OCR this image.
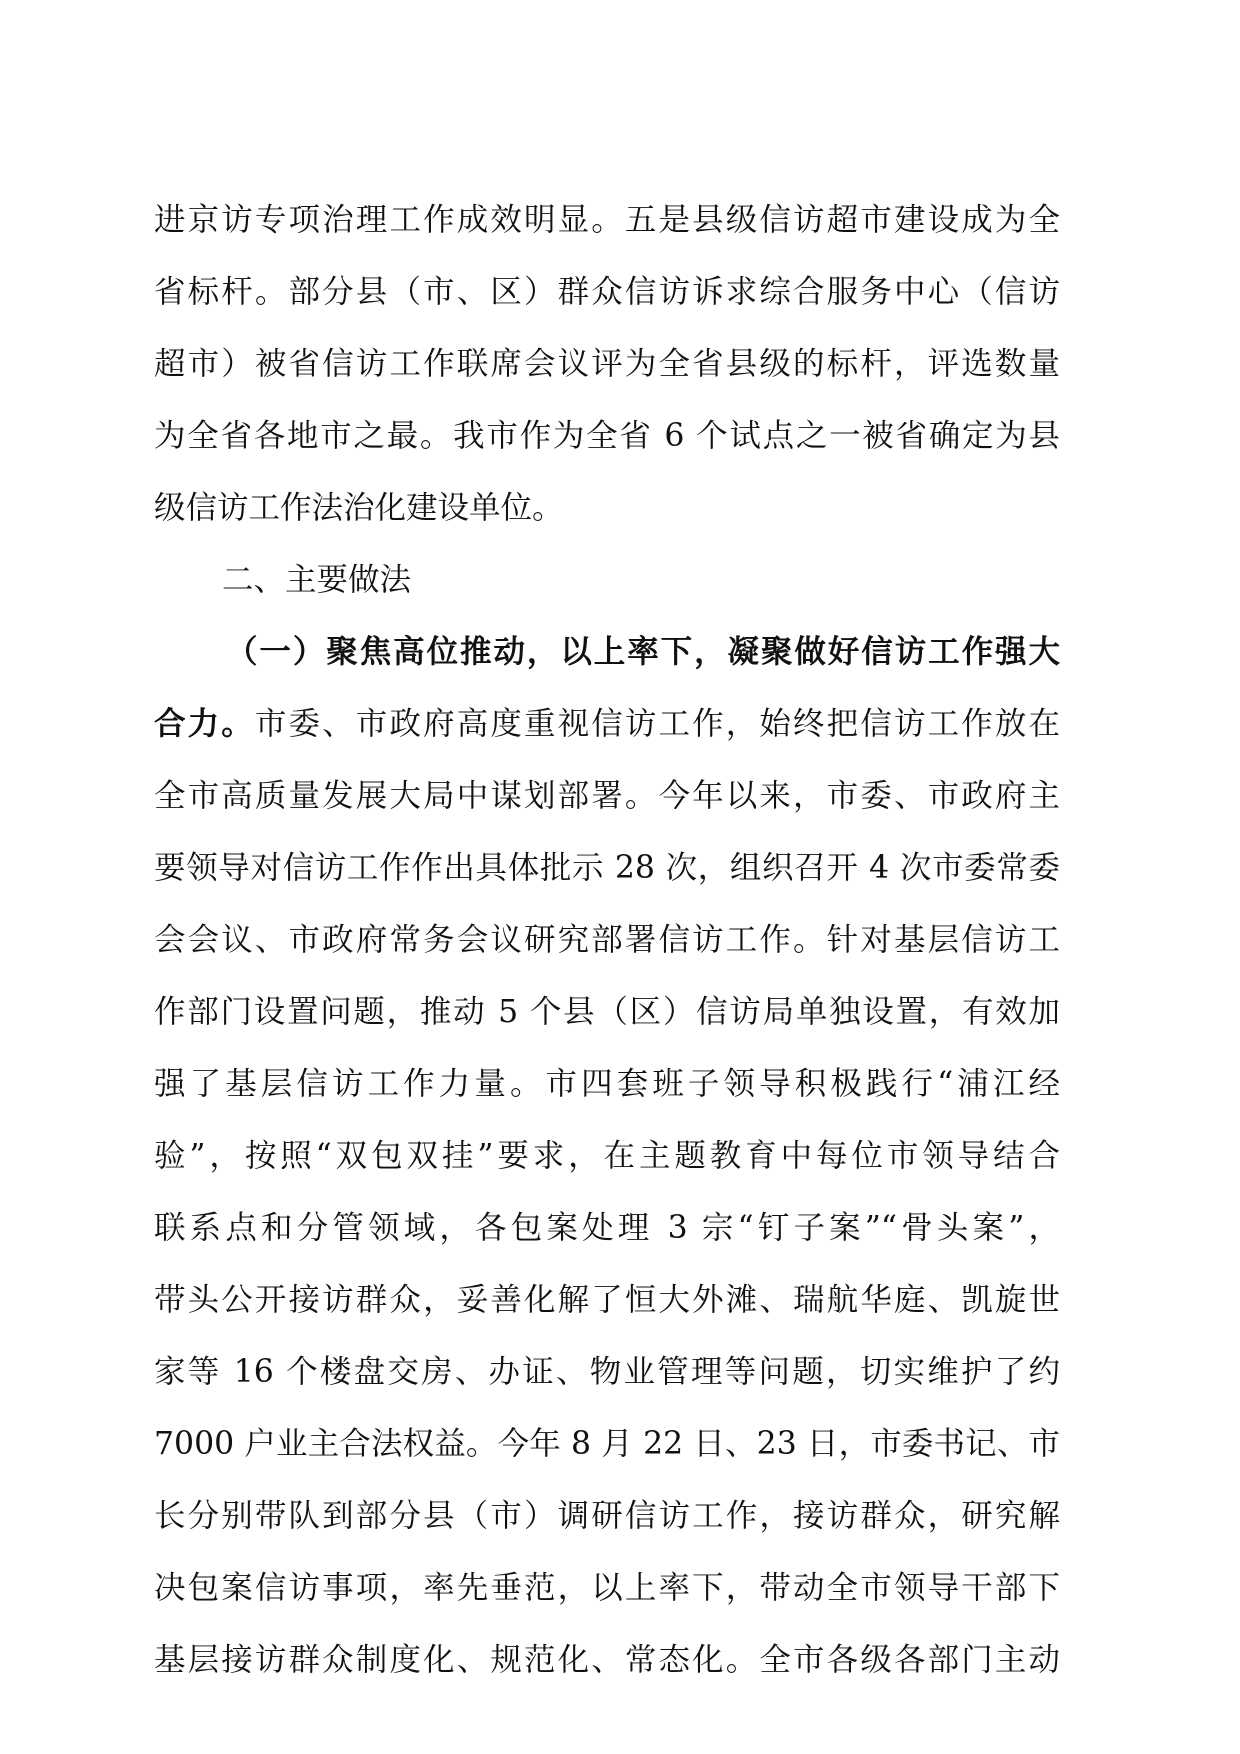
进京访专项治理工作成效明显。五是县级信访超市建设成为全
省标杆。部分县（市、区）群众信访诉求综合服务中心（信访
超市）被省信访工作联席会议评为全省县级的标杆，评选数量
为全省各地市之最。我市作为全省 6 个试点之一被省确定为县
级信访工作法治化建设单位。
二、主要做法
（一）聚焦高位推动，以上率下，凝聚做好信访工作强大
合力。市委、市政府高度重视信访工作，始终把信访工作放在
全市高质量发展大局中谋划部署。今年以来，市委、市政府主
要领导对信访工作作出具体批示 28 次，组织召开 4 次市委常委
会会议、市政府常务会议研究部署信访工作。针对基层信访工
作部门设置问题，推动 5 个县（区）信访局单独设置，有效加
强了基层信访工作力量。市四套班子领导积极践行“浦江经
验”，按照“双包双挂”要求，在主题教育中每位市领导结合
联系点和分管领域，各包案处理 3 宗“钉子案”“骨头案”，
带头公开接访群众，妥善化解了恒大外滩、瑞航华庭、凯旋世
家等 16 个楼盘交房、办证、物业管理等问题，切实维护了约
7000 户业主合法权益。今年 8 月 22 日、23 日，市委书记、市
长分别带队到部分县（市）调研信访工作，接访群众，研究解
决包案信访事项，率先垂范，以上率下，带动全市领导干部下
基层接访群众制度化、规范化、常态化。全市各级各部门主动
